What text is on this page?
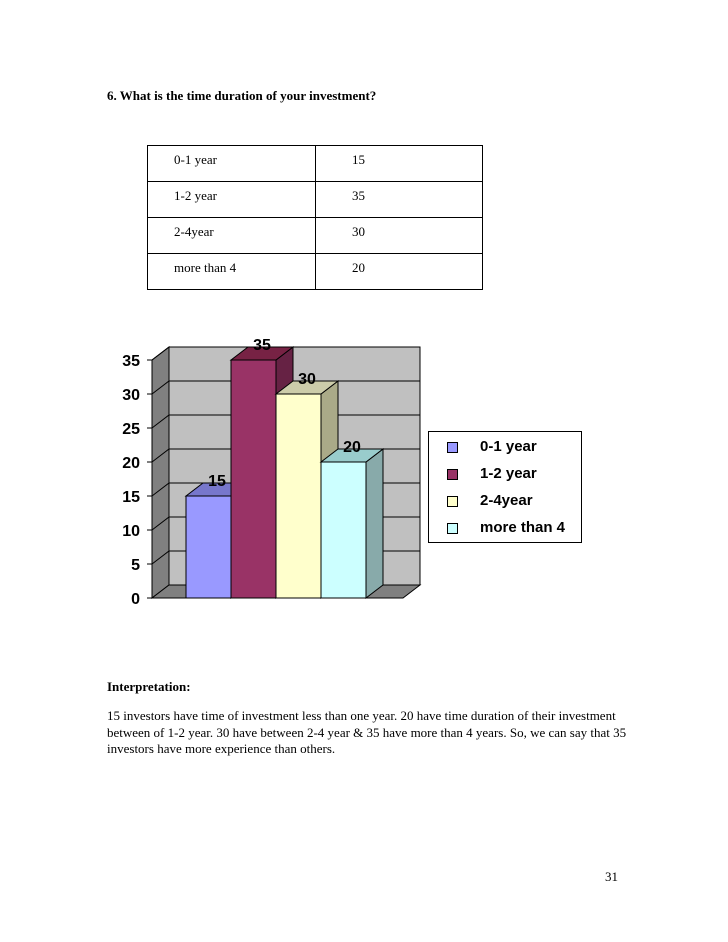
6. What is the time duration of your investment?
0-1 year	15
1-2 year	35
2-4year	30
more than 4	20
0
5
10
15
20
25
30
35
15
35
30
20	0-1 year
1-2 year
2-4year
more than 4
Interpretation:
15 investors have time of investment less than one year. 20 have time duration of their investment between of 1-2 year. 30 have between 2-4 year & 35 have more than 4 years. So, we can say that 35 investors have more experience than others.
31
